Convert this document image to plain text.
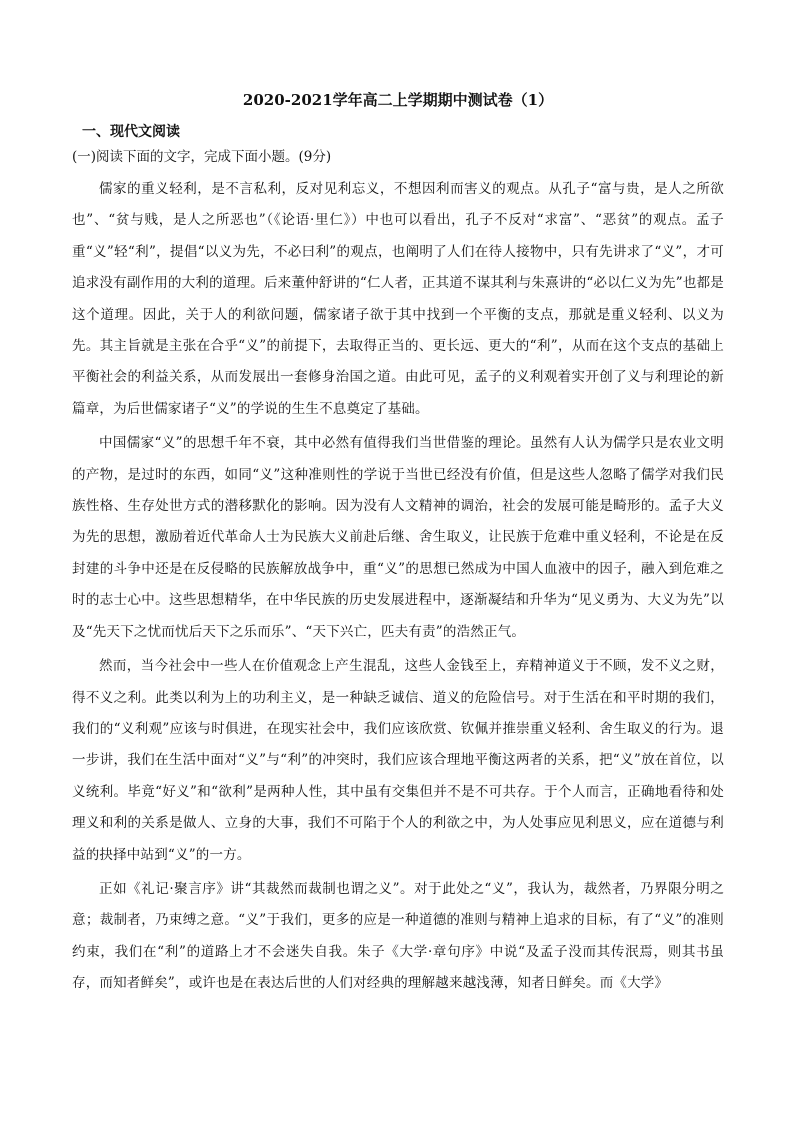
2020-2021学年高二上学期期中测试卷（1）
一、现代文阅读
(一)阅读下面的文字，完成下面小题。(9分)

儒家的重义轻利，是不言私利，反对见利忘义，不想因利而害义的观点。从孔子“富与贵，是人之所欲也”、“贫与贱，是人之所恶也”（《论语·里仁》）中也可以看出，孔子不反对“求富”、“恶贫”的观点。孟子重“义”轻“利”，提倡“以义为先，不必曰利”的观点，也阐明了人们在待人接物中，只有先讲求了“义”，才可追求没有副作用的大利的道理。后来董仲舒讲的“仁人者，正其道不谋其利与朱熹讲的“必以仁义为先”也都是这个道理。因此，关于人的利欲问题，儒家诸子欲于其中找到一个平衡的支点，那就是重义轻利、以义为先。其主旨就是主张在合乎“义”的前提下，去取得正当的、更长远、更大的“利”，从而在这个支点的基础上平衡社会的利益关系，从而发展出一套修身治国之道。由此可见，孟子的义利观着实开创了义与利理论的新篇章，为后世儒家诸子“义”的学说的生生不息奠定了基础。

中国儒家“义”的思想千年不衰，其中必然有值得我们当世借鉴的理论。虽然有人认为儒学只是农业文明的产物，是过时的东西，如同“义”这种准则性的学说于当世已经没有价值，但是这些人忽略了儒学对我们民族性格、生存处世方式的潜移默化的影响。因为没有人文精神的调治，社会的发展可能是畸形的。孟子大义为先的思想，激励着近代革命人士为民族大义前赴后继、舍生取义，让民族于危难中重义轻利，不论是在反封建的斗争中还是在反侵略的民族解放战争中，重“义”的思想已然成为中国人血液中的因子，融入到危难之时的志士心中。这些思想精华，在中华民族的历史发展进程中，逐渐凝结和升华为“见义勇为、大义为先”以及“先天下之忧而忧后天下之乐而乐”、“天下兴亡，匹夫有责”的浩然正气。

然而，当今社会中一些人在价值观念上产生混乱，这些人金钱至上，弃精神道义于不顾，发不义之财，得不义之利。此类以利为上的功利主义，是一种缺乏诚信、道义的危险信号。对于生活在和平时期的我们，我们的“义利观”应该与时俱进，在现实社会中，我们应该欣赏、钦佩并推崇重义轻利、舍生取义的行为。退一步讲，我们在生活中面对“义”与“利”的冲突时，我们应该合理地平衡这两者的关系，把“义”放在首位，以义统利。毕竟“好义”和“欲利”是两种人性，其中虽有交集但并不是不可共存。于个人而言，正确地看待和处理义和利的关系是做人、立身的大事，我们不可陷于个人的利欲之中，为人处事应见利思义，应在道德与利益的抉择中站到“义”的一方。

正如《礼记·聚言序》讲“其裁然而裁制也谓之义”。对于此处之“义”，我认为，裁然者，乃界限分明之意；裁制者，乃束缚之意。“义”于我们，更多的应是一种道德的准则与精神上追求的目标，有了“义”的准则约束，我们在“利”的道路上才不会迷失自我。朱子《大学·章句序》中说“及孟子没而其传泯焉，则其书虽存，而知者鲜矣”，或许也是在表达后世的人们对经典的理解越来越浅薄，知者日鲜矣。而《大学》
